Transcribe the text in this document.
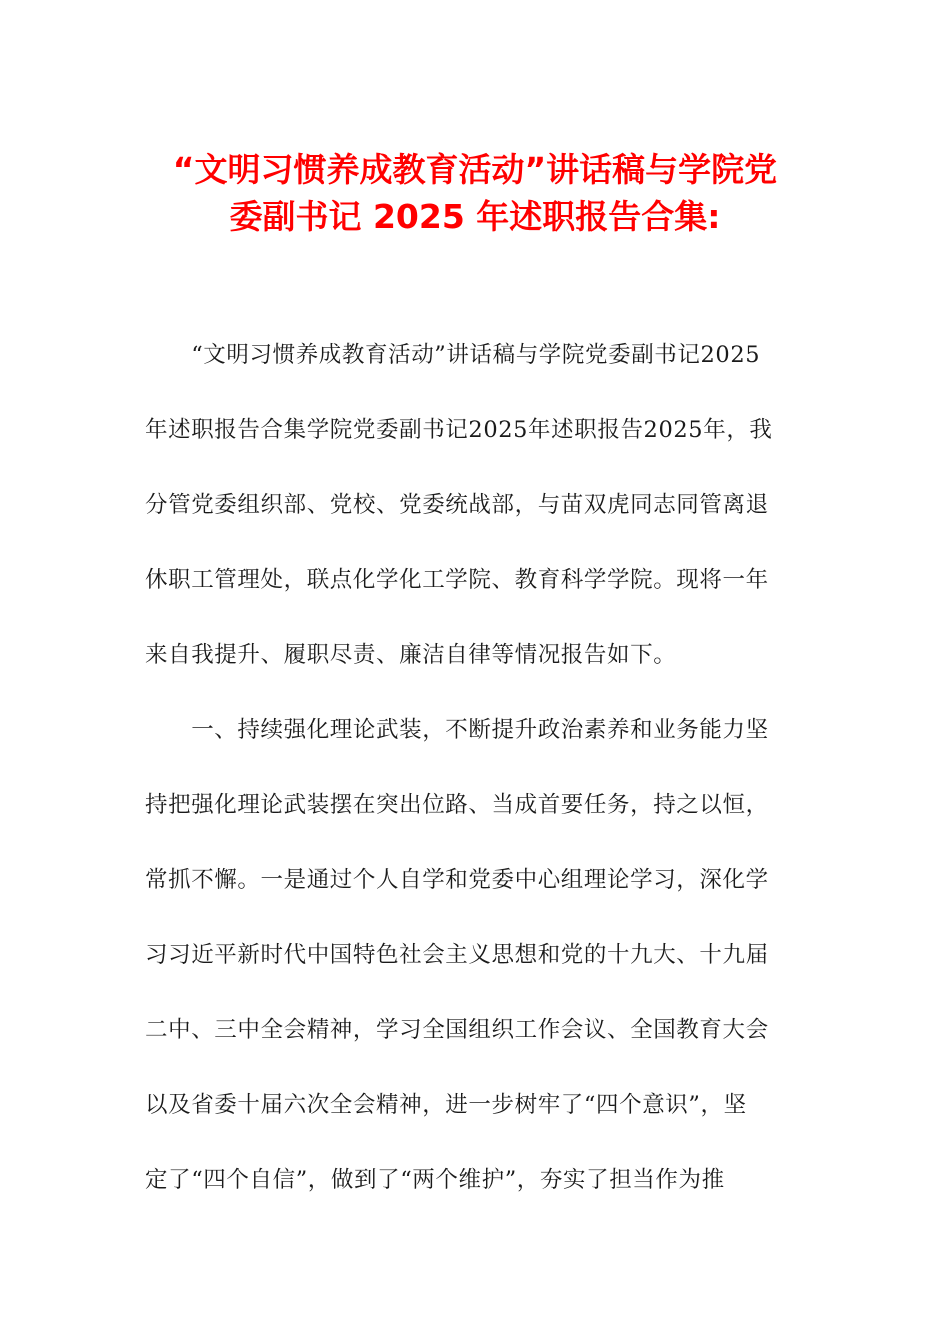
“文明习惯养成教育活动”讲话稿与学院党
委副书记 2025 年述职报告合集:
　　“文明习惯养成教育活动”讲话稿与学院党委副书记2025
年述职报告合集学院党委副书记2025年述职报告2025年，我
分管党委组织部、党校、党委统战部，与苗双虎同志同管离退
休职工管理处，联点化学化工学院、教育科学学院。现将一年
来自我提升、履职尽责、廉洁自律等情况报告如下。
　　一、持续强化理论武装，不断提升政治素养和业务能力坚
持把强化理论武装摆在突出位路、当成首要任务，持之以恒，
常抓不懈。一是通过个人自学和党委中心组理论学习，深化学
习习近平新时代中国特色社会主义思想和党的十九大、十九届
二中、三中全会精神，学习全国组织工作会议、全国教育大会
以及省委十届六次全会精神，进一步树牢了“四个意识”，坚
定了“四个自信”，做到了“两个维护”，夯实了担当作为推
